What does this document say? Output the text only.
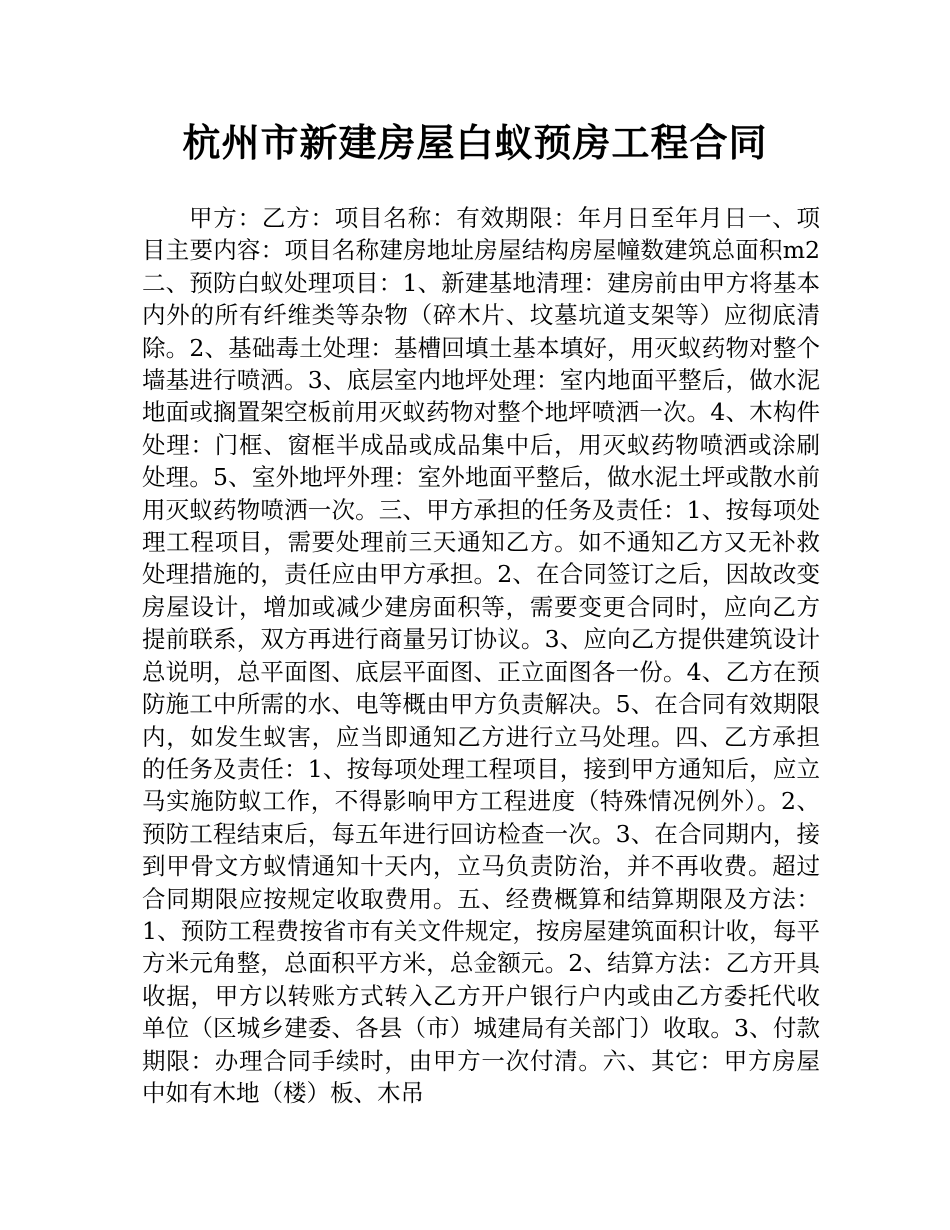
杭州市新建房屋白蚁预房工程合同

甲方：乙方：项目名称：有效期限：年月日至年月日一、项目主要内容：项目名称建房地址房屋结构房屋幢数建筑总面积m2二、预防白蚁处理项目：1、新建基地清理：建房前由甲方将基本内外的所有纤维类等杂物（碎木片、坟墓坑道支架等）应彻底清除。2、基础毒土处理：基槽回填土基本填好，用灭蚁药物对整个墙基进行喷洒。3、底层室内地坪处理：室内地面平整后，做水泥地面或搁置架空板前用灭蚁药物对整个地坪喷洒一次。4、木构件处理：门框、窗框半成品或成品集中后，用灭蚁药物喷洒或涂刷处理。5、室外地坪外理：室外地面平整后，做水泥土坪或散水前用灭蚁药物喷洒一次。三、甲方承担的任务及责任：1、按每项处理工程项目，需要处理前三天通知乙方。如不通知乙方又无补救处理措施的，责任应由甲方承担。2、在合同签订之后，因故改变房屋设计，增加或减少建房面积等，需要变更合同时，应向乙方提前联系，双方再进行商量另订协议。3、应向乙方提供建筑设计总说明，总平面图、底层平面图、正立面图各一份。4、乙方在预防施工中所需的水、电等概由甲方负责解决。5、在合同有效期限内，如发生蚁害，应当即通知乙方进行立马处理。四、乙方承担的任务及责任：1、按每项处理工程项目，接到甲方通知后，应立马实施防蚁工作，不得影响甲方工程进度（特殊情况例外）。2、预防工程结束后，每五年进行回访检查一次。3、在合同期内，接到甲骨文方蚁情通知十天内，立马负责防治，并不再收费。超过合同期限应按规定收取费用。五、经费概算和结算期限及方法：1、预防工程费按省市有关文件规定，按房屋建筑面积计收，每平方米元角整，总面积平方米，总金额元。2、结算方法：乙方开具收据，甲方以转账方式转入乙方开户银行户内或由乙方委托代收单位（区城乡建委、各县（市）城建局有关部门）收取。3、付款期限：办理合同手续时，由甲方一次付清。六、其它：甲方房屋中如有木地（楼）板、木吊
